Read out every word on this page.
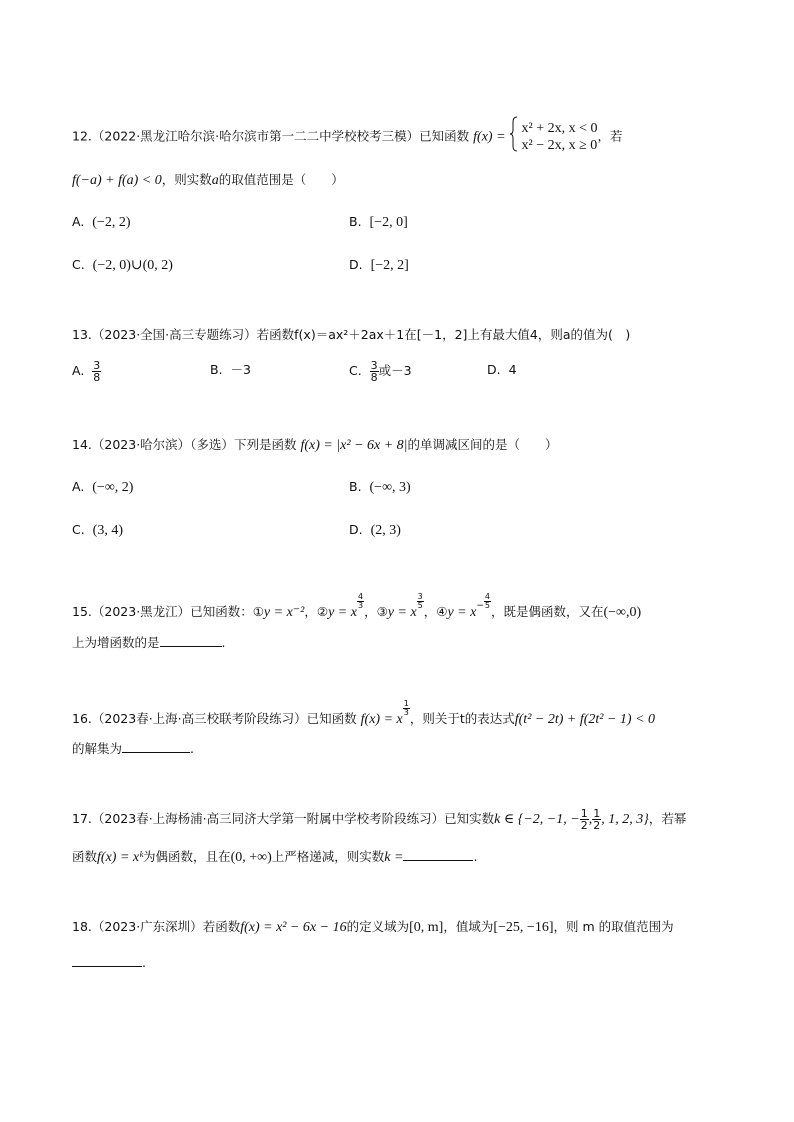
12.（2022·黑龙江哈尔滨·哈尔滨市第一二二中学校校考三模）已知函数 f(x) =
x² + 2x, x < 0
x² − 2x, x ≥ 0
，若
f(−a) + f(a) < 0，则实数a的取值范围是（　　）
A. (−2, 2)	B. [−2, 0]
C. (−2, 0)∪(0, 2)	D. [−2, 2]
13.（2023·全国·高三专题练习）若函数f(x)＝ax²＋2ax＋1在[－1，2]上有最大值4，则a的值为(　)
A. $\frac{3}{8}$	B. －3	C. $\frac{3}{8}$ 或－3	D. 4
14.（2023·哈尔滨）（多选）下列是函数 f(x) = |x² − 6x + 8|的单调减区间的是（　　）
A. (−∞, 2)	B. (−∞, 3)
C. (3, 4)	D. (2, 3)
15.（2023·黑龙江）已知函数：①y = x⁻²，②y = x
$\frac{4}{3}$
，③y = x
$\frac{3}{5}$
，④y = $x^- \frac{4}{5}$
，既是偶函数，又在(−∞,0)
上为增函数的是	.
16.（2023春·上海·高三校联考阶段练习）已知函数 f(x) = x
$\frac{1}{3}$
，则关于t的表达式f(t² − 2t) + f(2t² − 1) < 0
的解集为	.
17.（2023春·上海杨浦·高三同济大学第一附属中学校考阶段练习）已知实数k ∈ {−2, −1, − $\frac{1}{2}$ , $\frac{1}{2}$ , 1, 2, 3}，若幂
函数f(x) = xᵏ为偶函数，且在(0, +∞)上严格递减，则实数k =	.
18.（2023·广东深圳）若函数f(x) = x² − 6x − 16的定义域为[0, m]，值域为[−25, −16]，则 m 的取值范围为
.
